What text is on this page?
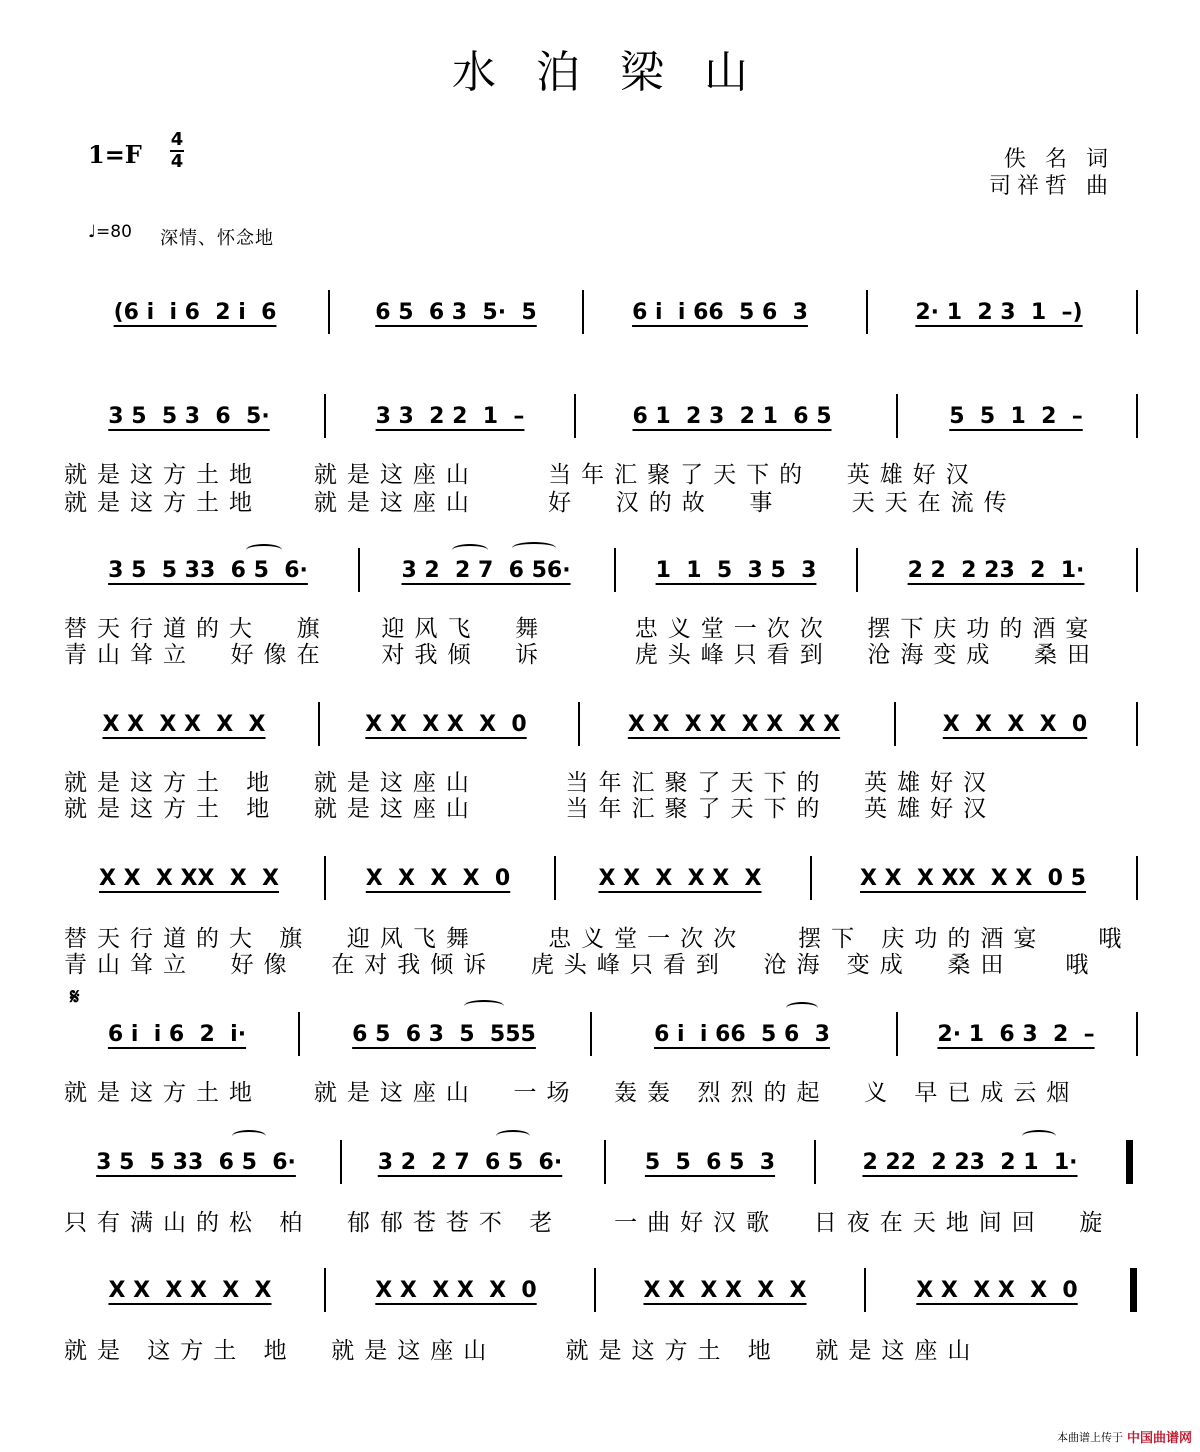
水泊梁山
1=F
4
4	佚 名 词
司祥哲 曲
♩=80 深情、怀念地
(6 i  i 6  2 i  6	6 5  6 3  5·  5	6 i  i 66  5 6  3	2· 1  2 3  1  –)
3 5  5 3  6  5·	3 3  2 2  1  –	6 1  2 3  2 1  6 5	5  5  1  2  –
就是这方土地   就是这座山    当年汇聚了天下的  英雄好汉
就是这方土地   就是这座山    好  汉的故  事    天天在流传
3 5  5 33  6 5  6·	3 2  2 7  6 56·	1  1  5  3 5  3	2 2  2 23  2  1·
替天行道的大  旗   迎风飞  舞     忠义堂一次次  摆下庆功的酒宴
青山耸立  好像在   对我倾  诉     虎头峰只看到  沧海变成  桑田
X X  X X  X  X	X X  X X  X  0	X X  X X  X X  X X	X  X  X  X  0
就是这方土 地  就是这座山     当年汇聚了天下的  英雄好汉
就是这方土 地  就是这座山     当年汇聚了天下的  英雄好汉
X X  X XX  X  X	X  X  X  X  0	X X  X  X X  X	X X  X XX  X X  0 5
替天行道的大 旗  迎风飞舞    忠义堂一次次   摆下 庆功的酒宴   哦
青山耸立  好像  在对我倾诉  虎头峰只看到  沧海 变成  桑田   哦
𝄋
6 i  i 6  2  i·	6 5  6 3  5  555	6 i  i 66  5 6  3	2· 1  6 3  2  –
就是这方土地   就是这座山  一场  轰轰 烈烈的起  义 早已成云烟
3 5  5 33  6 5  6·	3 2  2 7  6 5  6·	5  5  6 5  3	2 22  2 23  2 1  1·
只有满山的松 柏  郁郁苍苍不 老   一曲好汉歌  日夜在天地间回  旋
X X  X X  X  X	X X  X X  X  0	X X  X X  X  X	X X  X X  X  0
就是 这方土 地  就是这座山    就是这方土 地  就是这座山
本曲谱上传于 中国曲谱网
